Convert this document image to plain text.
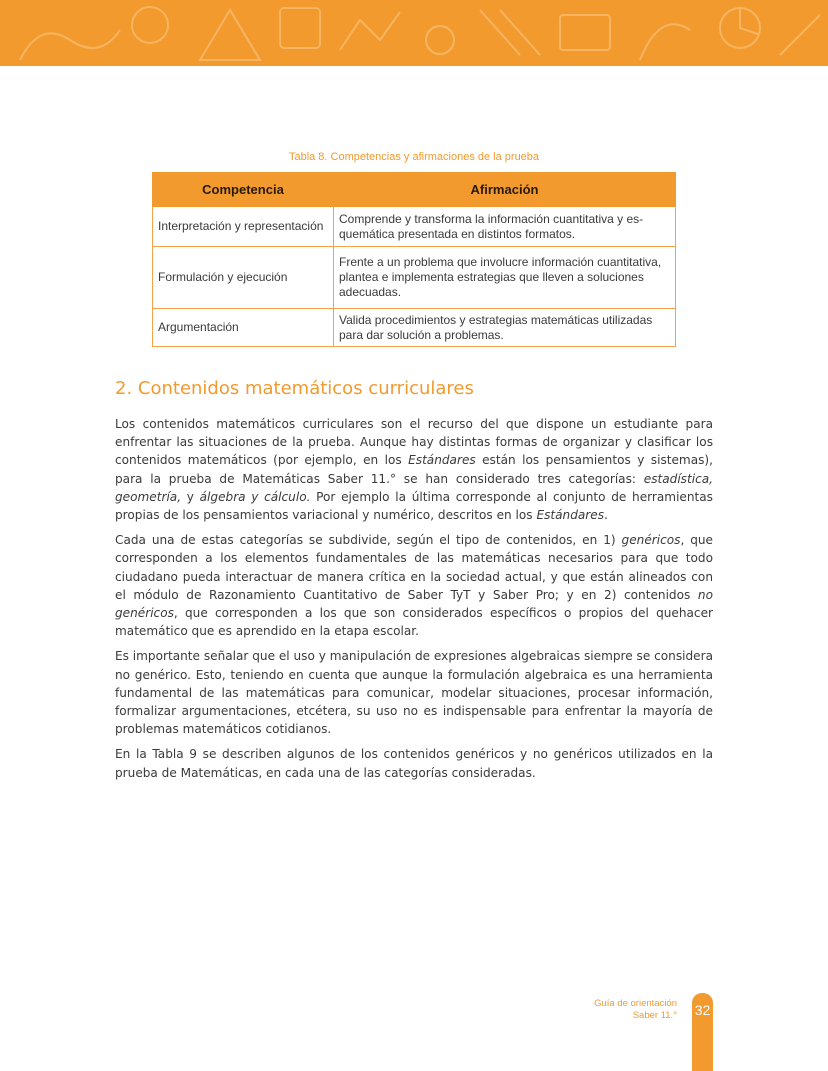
Tabla 8. Competencias y afirmaciones de la prueba
Competencia	Afirmación
Interpretación y representación	Comprende y transforma la información cuantitativa y es-
quemática presentada en distintos formatos.
Formulación y ejecución	Frente a un problema que involucre información cuantitativa,
plantea e implementa estrategias que lleven a soluciones
adecuadas.
Argumentación	Valida procedimientos y estrategias matemáticas utilizadas
para dar solución a problemas.
2. Contenidos matemáticos curriculares

Los contenidos matemáticos curriculares son el recurso del que dispone un estudiante para enfrentar las situaciones de la prueba. Aunque hay distintas formas de organizar y clasificar los contenidos matemáticos (por ejemplo, en los Estándares están los pensamientos y sistemas), para la prueba de Matemáticas Saber 11.° se han considerado tres categorías: estadística, geometría, y álgebra y cálculo. Por ejemplo la última corresponde al conjunto de herramientas propias de los pensamientos variacional y numérico, descritos en los Estándares.

Cada una de estas categorías se subdivide, según el tipo de contenidos, en 1) genéricos, que corresponden a los elementos fundamentales de las matemáticas necesarios para que todo ciudadano pueda interactuar de manera crítica en la sociedad actual, y que están alineados con el módulo de Razonamiento Cuantitativo de Saber TyT y Saber Pro; y en 2) contenidos no genéricos, que corresponden a los que son considerados específicos o propios del quehacer matemático que es aprendido en la etapa escolar.

Es importante señalar que el uso y manipulación de expresiones algebraicas siempre se considera no genérico. Esto, teniendo en cuenta que aunque la formulación algebraica es una herramienta fundamental de las matemáticas para comunicar, modelar situaciones, procesar información, formalizar argumentaciones, etcétera, su uso no es indispensable para enfrentar la mayoría de problemas matemáticos cotidianos.

En la Tabla 9 se describen algunos de los contenidos genéricos y no genéricos utilizados en la prueba de Matemáticas, en cada una de las categorías consideradas.

Guía de orientación
Saber 11.° 32
